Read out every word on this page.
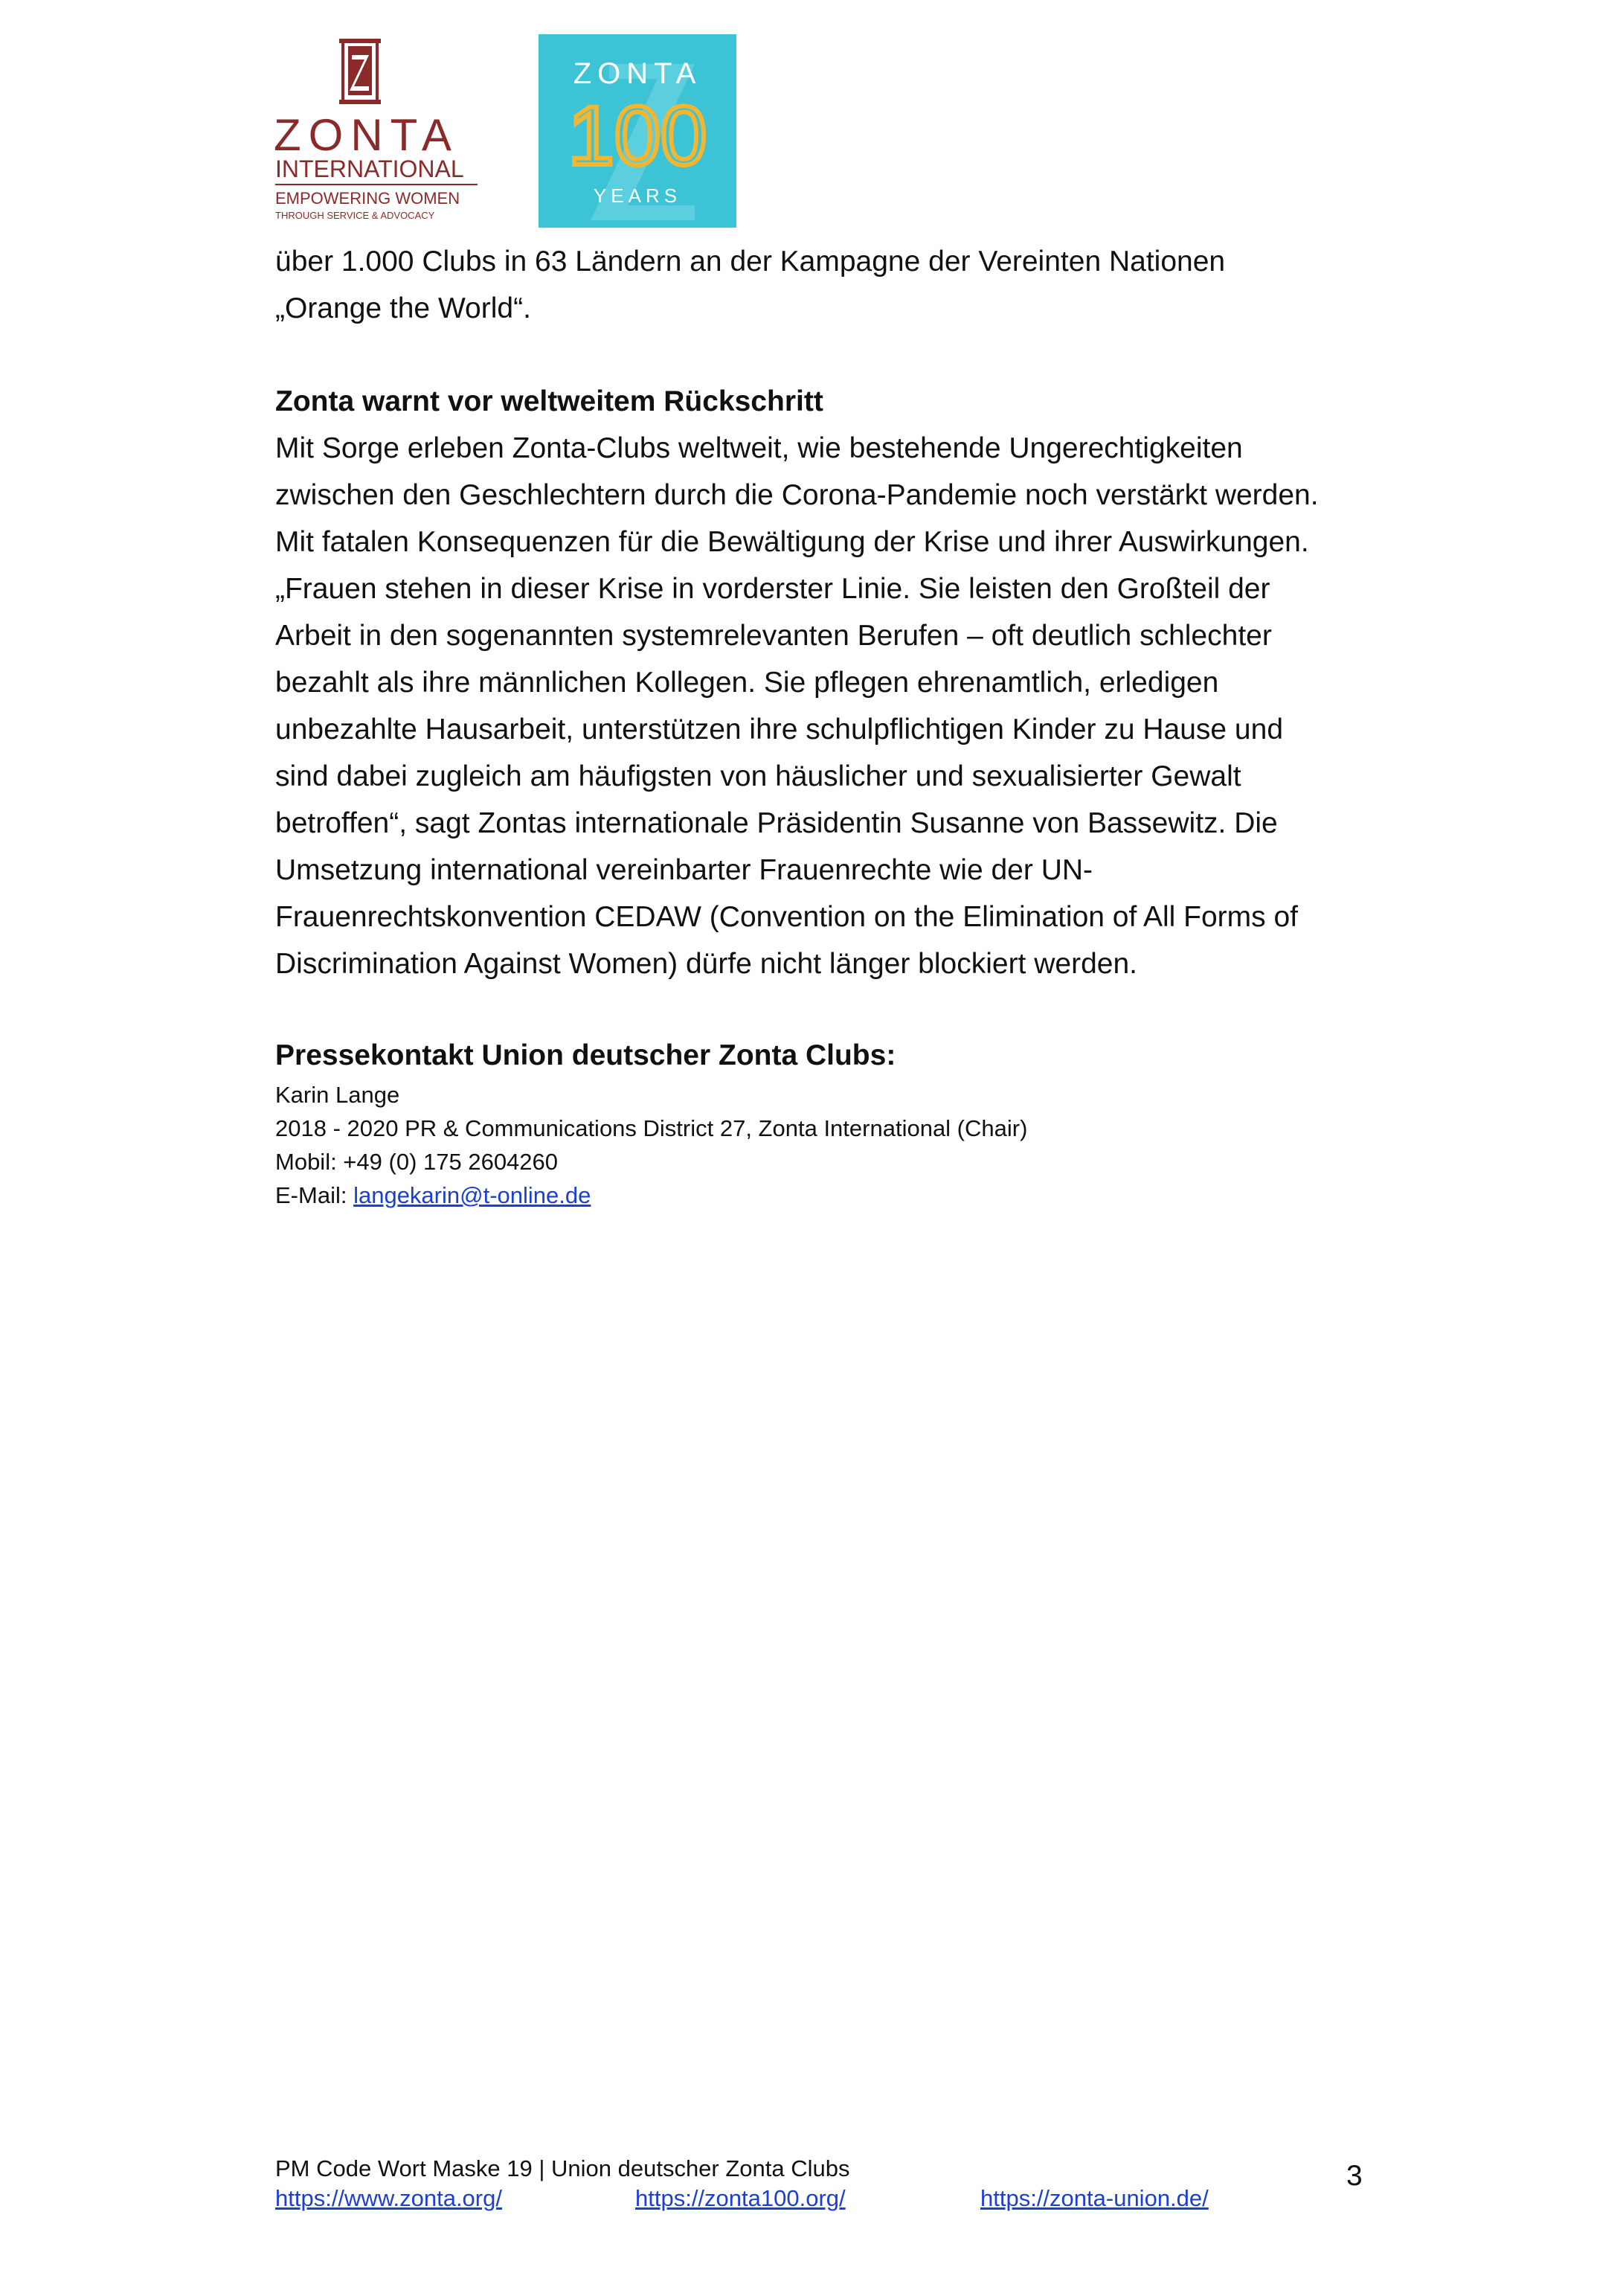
ZONTA
INTERNATIONAL
EMPOWERING WOMEN
THROUGH SERVICE & ADVOCACY
ZONTA
100
YEARS

über 1.000 Clubs in 63 Ländern an der Kampagne der Vereinten Nationen

„Orange the World“.

Zonta warnt vor weltweitem Rückschritt

Mit Sorge erleben Zonta-Clubs weltweit, wie bestehende Ungerechtigkeiten

zwischen den Geschlechtern durch die Corona-Pandemie noch verstärkt werden.

Mit fatalen Konsequenzen für die Bewältigung der Krise und ihrer Auswirkungen.

„Frauen stehen in dieser Krise in vorderster Linie. Sie leisten den Großteil der

Arbeit in den sogenannten systemrelevanten Berufen – oft deutlich schlechter

bezahlt als ihre männlichen Kollegen. Sie pflegen ehrenamtlich, erledigen

unbezahlte Hausarbeit, unterstützen ihre schulpflichtigen Kinder zu Hause und

sind dabei zugleich am häufigsten von häuslicher und sexualisierter Gewalt

betroffen“, sagt Zontas internationale Präsidentin Susanne von Bassewitz. Die

Umsetzung international vereinbarter Frauenrechte wie der UN-

Frauenrechtskonvention CEDAW (Convention on the Elimination of All Forms of

Discrimination Against Women) dürfe nicht länger blockiert werden.

Pressekontakt Union deutscher Zonta Clubs:

Karin Lange

2018 - 2020 PR & Communications District 27, Zonta International (Chair)

Mobil: +49 (0) 175 2604260

E-Mail: langekarin@t-online.de

PM Code Wort Maske 19 | Union deutscher Zonta Clubs

https://www.zonta.org/	https://zonta100.org/	https://zonta-union.de/
3
